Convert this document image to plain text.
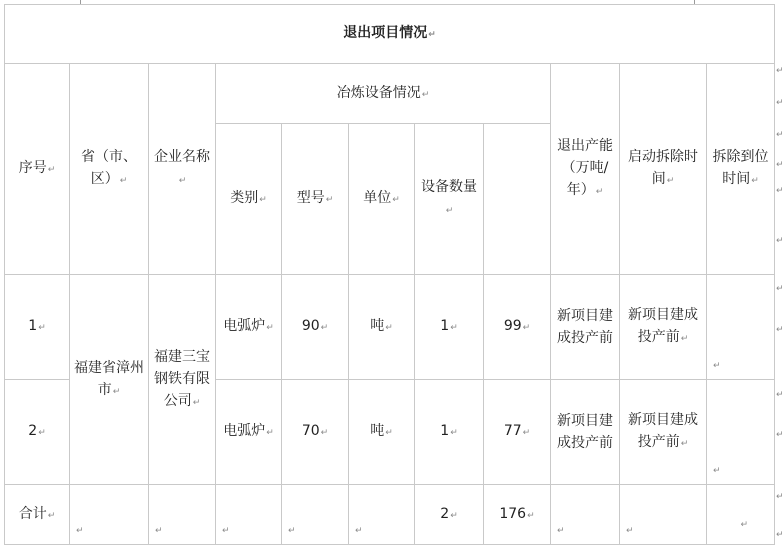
退出项目情况↵											
序号↵	省（市、区）↵	企业名称↵	冶炼设备情况↵					退出产能（万吨/年）↵	启动拆除时间↵	拆除到位时间↵

			类别↵	型号↵	单位↵	设备数量↵					
1↵	福建省漳州市↵	福建三宝钢铁有限公司↵	电弧炉↵	90↵	吨↵	1↵	99↵	新项目建成投产前	新项目建成投产前↵	↵	
2↵			电弧炉↵	70↵	吨↵	1↵	77↵	新项目建成投产前	新项目建成投产前↵	↵	
合计↵	↵	↵	↵	↵	↵	2↵	176↵	↵	↵	↵	
↵
↵
↵
↵
↵
↵
↵
↵
↵
↵
↵
↵
